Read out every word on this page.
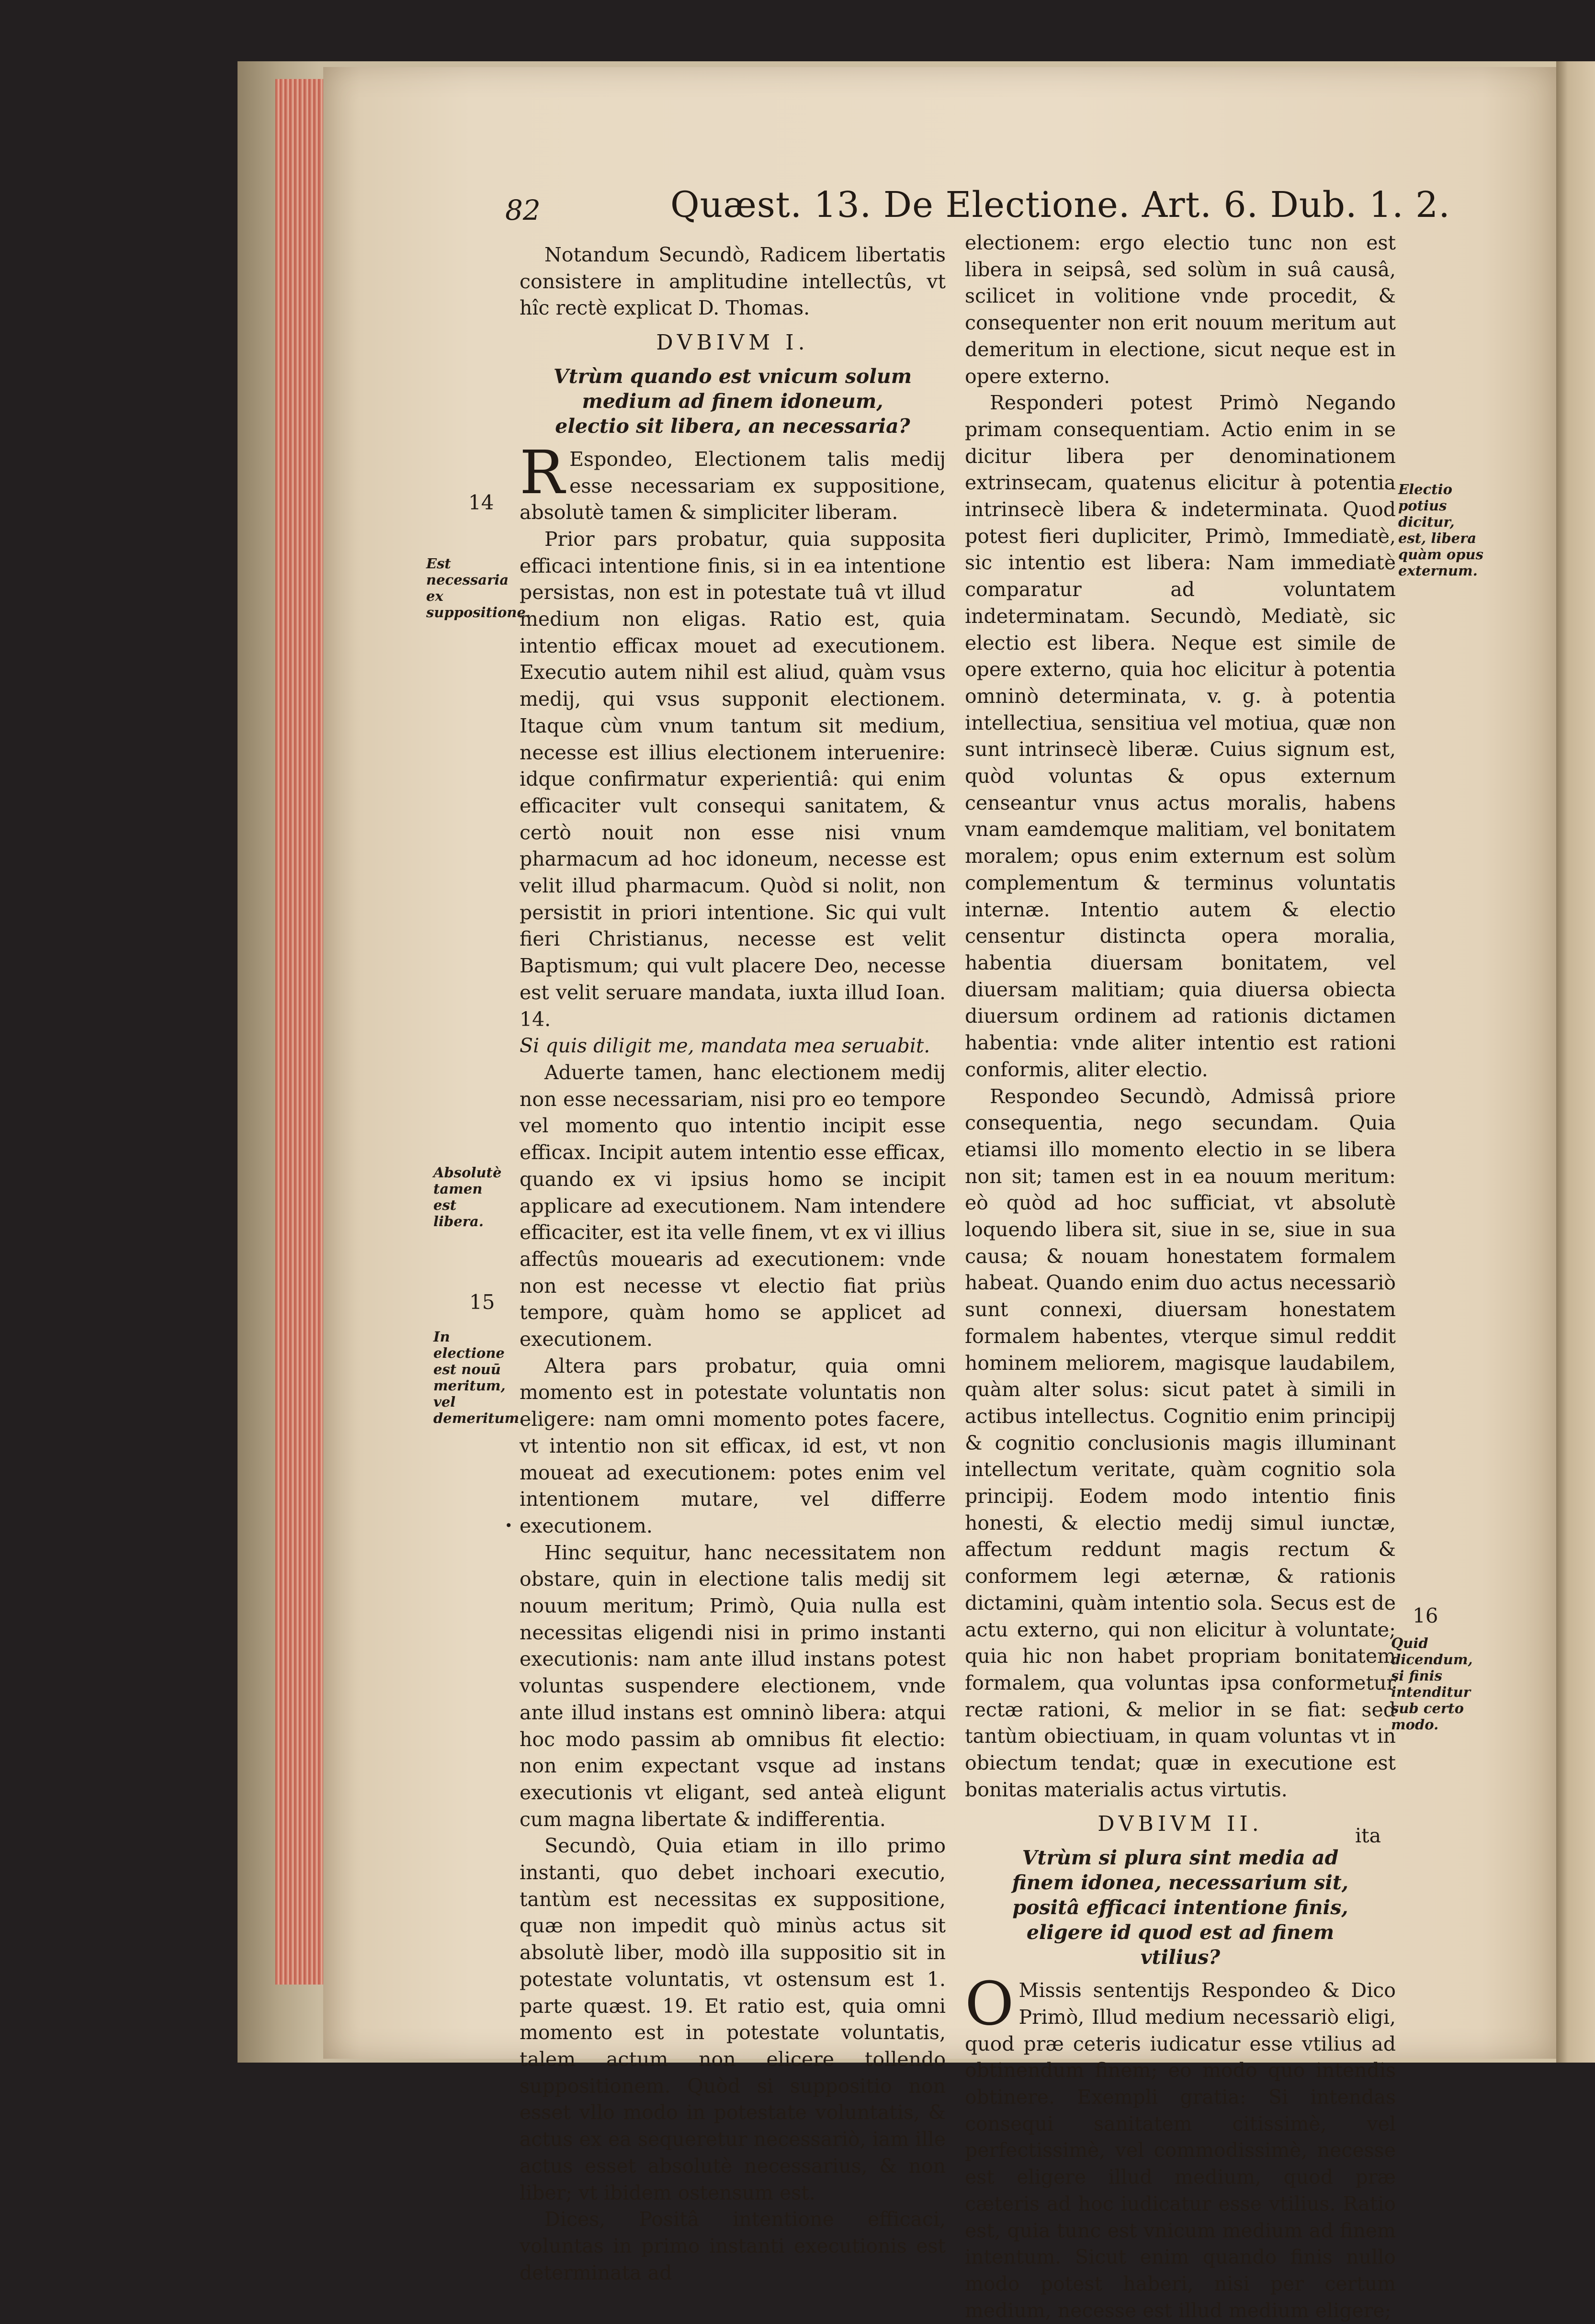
82	Quæst. 13. De Electione. Art. 6. Dub. 1. 2.

Notandum Secundò, Radicem libertatis consistere in amplitudine intellectûs, vt hîc rectè explicat D. Thomas.

DVBIVM I.

Vtrùm quando est vnicum solum medium ad finem idoneum, electio sit libera, an necessaria?

REspondeo, Electionem talis medij esse necessariam ex suppositione, absolutè tamen & simpliciter liberam.

Prior pars probatur, quia supposita efficaci intentione finis, si in ea intentione persistas, non est in potestate tuâ vt illud medium non eligas. Ratio est, quia intentio efficax mouet ad executionem. Executio autem nihil est aliud, quàm vsus medij, qui vsus supponit electionem. Itaque cùm vnum tantum sit medium, necesse est illius electionem interuenire: idque confirmatur experientiâ: qui enim efficaciter vult consequi sanitatem, & certò nouit non esse nisi vnum pharmacum ad hoc idoneum, necesse est velit illud pharmacum. Quòd si nolit, non persistit in priori intentione. Sic qui vult fieri Christianus, necesse est velit Baptismum; qui vult placere Deo, necesse est velit seruare mandata, iuxta illud Ioan. 14.

Si quis diligit me, mandata mea seruabit.

Aduerte tamen, hanc electionem medij non esse necessariam, nisi pro eo tempore vel momento quo intentio incipit esse efficax. Incipit autem intentio esse efficax, quando ex vi ipsius homo se incipit applicare ad executionem. Nam intendere efficaciter, est ita velle finem, vt ex vi illius affectûs mouearis ad executionem: vnde non est necesse vt electio fiat priùs tempore, quàm homo se applicet ad executionem.

Altera pars probatur, quia omni momento est in potestate voluntatis non eligere: nam omni momento potes facere, vt intentio non sit efficax, id est, vt non moueat ad executionem: potes enim vel intentionem mutare, vel differre executionem.

Hinc sequitur, hanc necessitatem non obstare, quin in electione talis medij sit nouum meritum; Primò, Quia nulla est necessitas eligendi nisi in primo instanti executionis: nam ante illud instans potest voluntas suspendere electionem, vnde ante illud instans est omninò libera: atqui hoc modo passim ab omnibus fit electio: non enim expectant vsque ad instans executionis vt eligant, sed anteà eligunt cum magna libertate & indifferentia.

Secundò, Quia etiam in illo primo instanti, quo debet inchoari executio, tantùm est necessitas ex suppositione, quæ non impedit quò minùs actus sit absolutè liber, modò illa suppositio sit in potestate voluntatis, vt ostensum est 1. parte quæst. 19. Et ratio est, quia omni momento est in potestate voluntatis, talem actum non elicere tollendo suppositionem. Quòd si suppositio non esset vllo modo in potestate voluntatis, & actus ex ea sequeretur necessariò, iam ille actus esset absolutè necessarius, & non liber; vt ibidem ostensum est.

Dices, Positâ intentione efficaci, voluntas in primo instanti executionis est determinata ad

electionem: ergo electio tunc non est libera in seipsâ, sed solùm in suâ causâ, scilicet in volitione vnde procedit, & consequenter non erit nouum meritum aut demeritum in electione, sicut neque est in opere externo.

Responderi potest Primò Negando primam consequentiam. Actio enim in se dicitur libera per denominationem extrinsecam, quatenus elicitur à potentia intrinsecè libera & indeterminata. Quod potest fieri dupliciter, Primò, Immediatè, sic intentio est libera: Nam immediatè comparatur ad voluntatem indeterminatam. Secundò, Mediatè, sic electio est libera. Neque est simile de opere externo, quia hoc elicitur à potentia omninò determinata, v. g. à potentia intellectiua, sensitiua vel motiua, quæ non sunt intrinsecè liberæ. Cuius signum est, quòd voluntas & opus externum censeantur vnus actus moralis, habens vnam eamdemque malitiam, vel bonitatem moralem; opus enim externum est solùm complementum & terminus voluntatis internæ. Intentio autem & electio censentur distincta opera moralia, habentia diuersam bonitatem, vel diuersam malitiam; quia diuersa obiecta diuersum ordinem ad rationis dictamen habentia: vnde aliter intentio est rationi conformis, aliter electio.

Respondeo Secundò, Admissâ priore consequentia, nego secundam. Quia etiamsi illo momento electio in se libera non sit; tamen est in ea nouum meritum: eò quòd ad hoc sufficiat, vt absolutè loquendo libera sit, siue in se, siue in sua causa; & nouam honestatem formalem habeat. Quando enim duo actus necessariò sunt connexi, diuersam honestatem formalem habentes, vterque simul reddit hominem meliorem, magisque laudabilem, quàm alter solus: sicut patet à simili in actibus intellectus. Cognitio enim principij & cognitio conclusionis magis illuminant intellectum veritate, quàm cognitio sola principij. Eodem modo intentio finis honesti, & electio medij simul iunctæ, affectum reddunt magis rectum & conformem legi æternæ, & rationis dictamini, quàm intentio sola. Secus est de actu externo, qui non elicitur à voluntate; quia hic non habet propriam bonitatem formalem, qua voluntas ipsa conformetur rectæ rationi, & melior in se fiat: sed tantùm obiectiuam, in quam voluntas vt in obiectum tendat; quæ in executione est bonitas materialis actus virtutis.

DVBIVM II.

Vtrùm si plura sint media ad finem idonea, necessarium sit, positâ efficaci intentione finis, eligere id quod est ad finem vtilius?

OMissis sententijs Respondeo & Dico Primò, Illud medium necessariò eligi, quod præ ceteris iudicatur esse vtilius ad obtinendum finem; eo modo quo intendis obtinere. Exempli gratia: Si intendas consequi sanitatem citissimè, vel perfectissimè, vel commodissimè, necesse est eligere illud medium, quod præ cæteris ad hoc iudicatur esse vtilius. Ratio est, quia tunc est vnicum medium ad finem intentum. Sicut enim quando finis nullo modo potest haberi, nisi per certum medium, necesse est illud medium eligere;

ita
•
14
Est necessaria ex suppositione.
Absolutè tamen est libera.
15
In electione est nouū meritum, vel demeritum.
Electio potius dicitur, est, libera quàm opus externum.
16
Quid dicendum, si finis intenditur sub certo modo.
